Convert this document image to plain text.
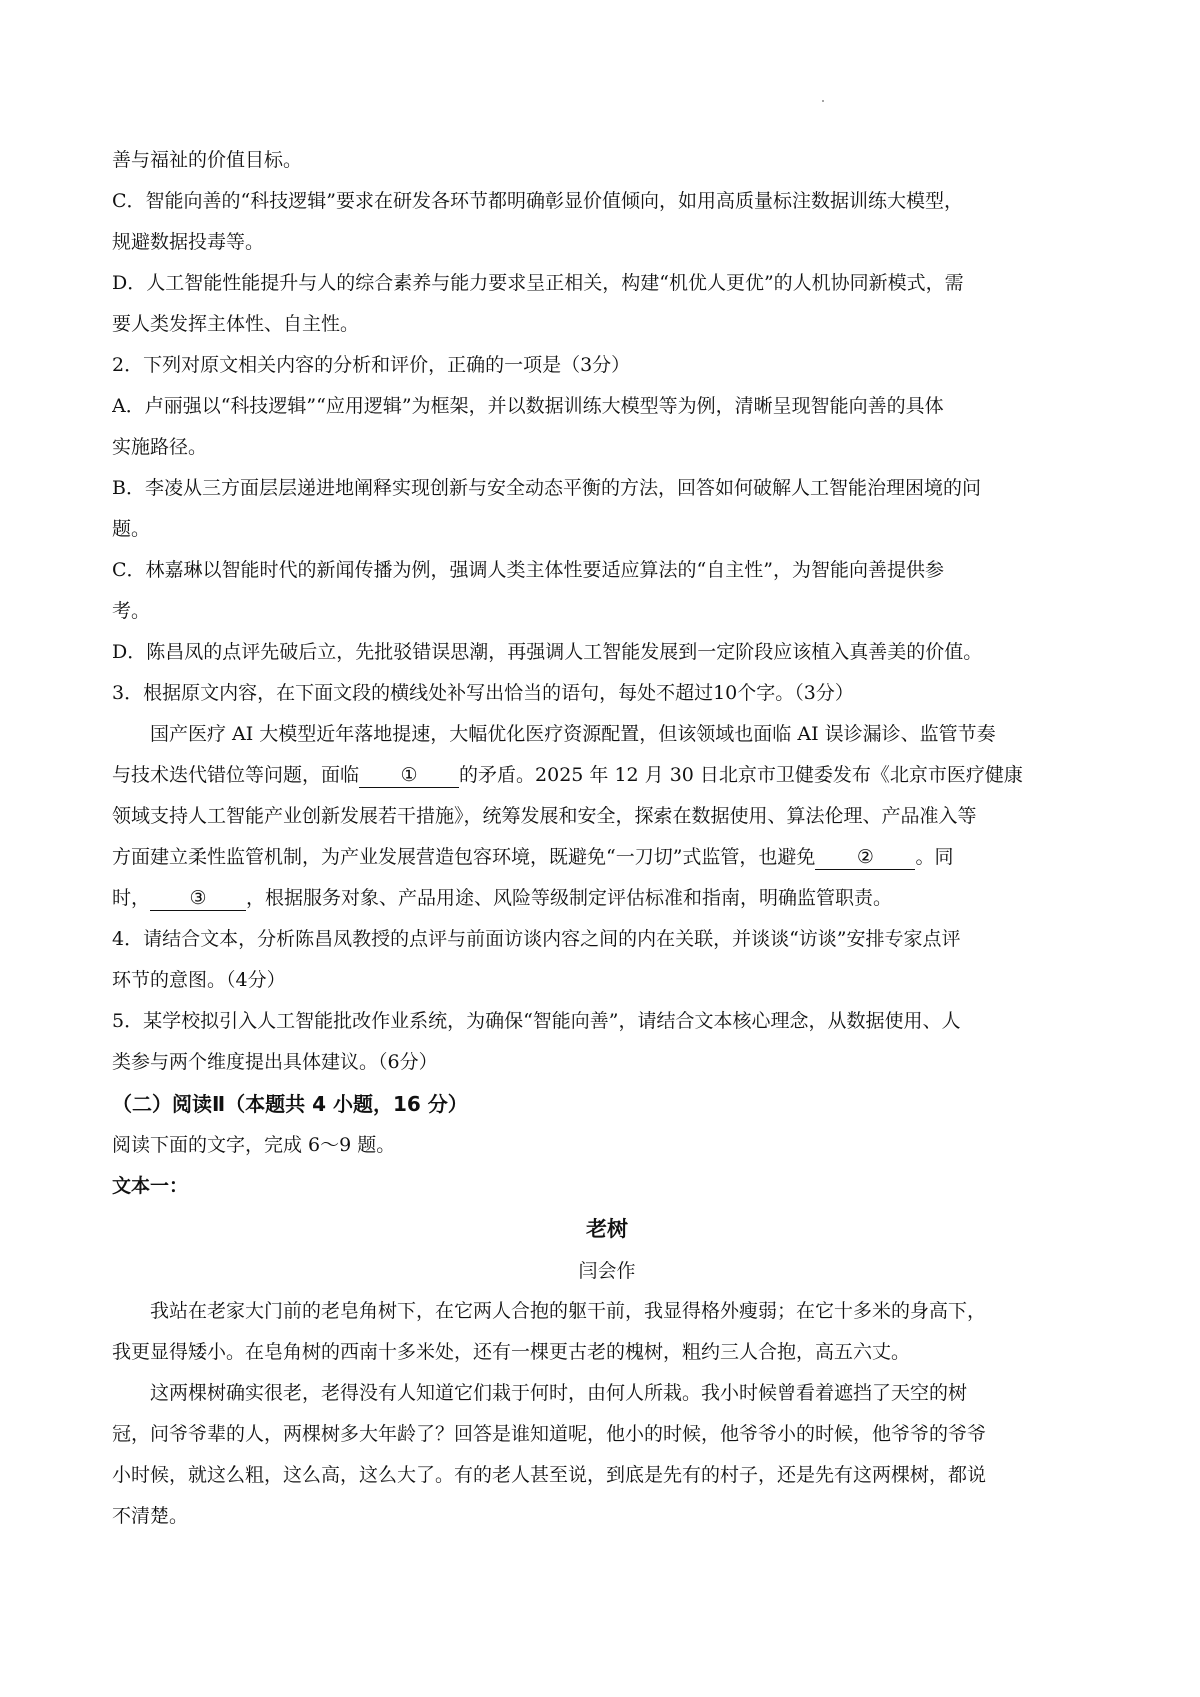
善与福祉的价值目标。
C．智能向善的“科技逻辑”要求在研发各环节都明确彰显价值倾向，如用高质量标注数据训练大模型，
规避数据投毒等。
D．人工智能性能提升与人的综合素养与能力要求呈正相关，构建“机优人更优”的人机协同新模式，需
要人类发挥主体性、自主性。
2．下列对原文相关内容的分析和评价，正确的一项是（3分）
A．卢丽强以“科技逻辑”“应用逻辑”为框架，并以数据训练大模型等为例，清晰呈现智能向善的具体
实施路径。
B．李凌从三方面层层递进地阐释实现创新与安全动态平衡的方法，回答如何破解人工智能治理困境的问
题。
C．林嘉琳以智能时代的新闻传播为例，强调人类主体性要适应算法的“自主性”，为智能向善提供参
考。
D．陈昌凤的点评先破后立，先批驳错误思潮，再强调人工智能发展到一定阶段应该植入真善美的价值。
3．根据原文内容，在下面文段的横线处补写出恰当的语句，每处不超过10个字。（3分）
国产医疗 AI 大模型近年落地提速，大幅优化医疗资源配置，但该领域也面临 AI 误诊漏诊、监管节奏
与技术迭代错位等问题，面临 ① 的矛盾。2025 年 12 月 30 日北京市卫健委发布《北京市医疗健康
领域支持人工智能产业创新发展若干措施》，统筹发展和安全，探索在数据使用、算法伦理、产品准入等
方面建立柔性监管机制，为产业发展营造包容环境，既避免“一刀切”式监管，也避免 ② 。同
时， ③ ，根据服务对象、产品用途、风险等级制定评估标准和指南，明确监管职责。
4．请结合文本，分析陈昌凤教授的点评与前面访谈内容之间的内在关联，并谈谈“访谈”安排专家点评
环节的意图。（4分）
5．某学校拟引入人工智能批改作业系统，为确保“智能向善”，请结合文本核心理念，从数据使用、人
类参与两个维度提出具体建议。（6分）
（二）阅读Ⅱ（本题共 4 小题，16 分）
阅读下面的文字，完成 6～9 题。
文本一：
老树
闫会作
我站在老家大门前的老皂角树下，在它两人合抱的躯干前，我显得格外瘦弱；在它十多米的身高下，
我更显得矮小。在皂角树的西南十多米处，还有一棵更古老的槐树，粗约三人合抱，高五六丈。
这两棵树确实很老，老得没有人知道它们栽于何时，由何人所栽。我小时候曾看着遮挡了天空的树
冠，问爷爷辈的人，两棵树多大年龄了？回答是谁知道呢，他小的时候，他爷爷小的时候，他爷爷的爷爷
小时候，就这么粗，这么高，这么大了。有的老人甚至说，到底是先有的村子，还是先有这两棵树，都说
不清楚。
